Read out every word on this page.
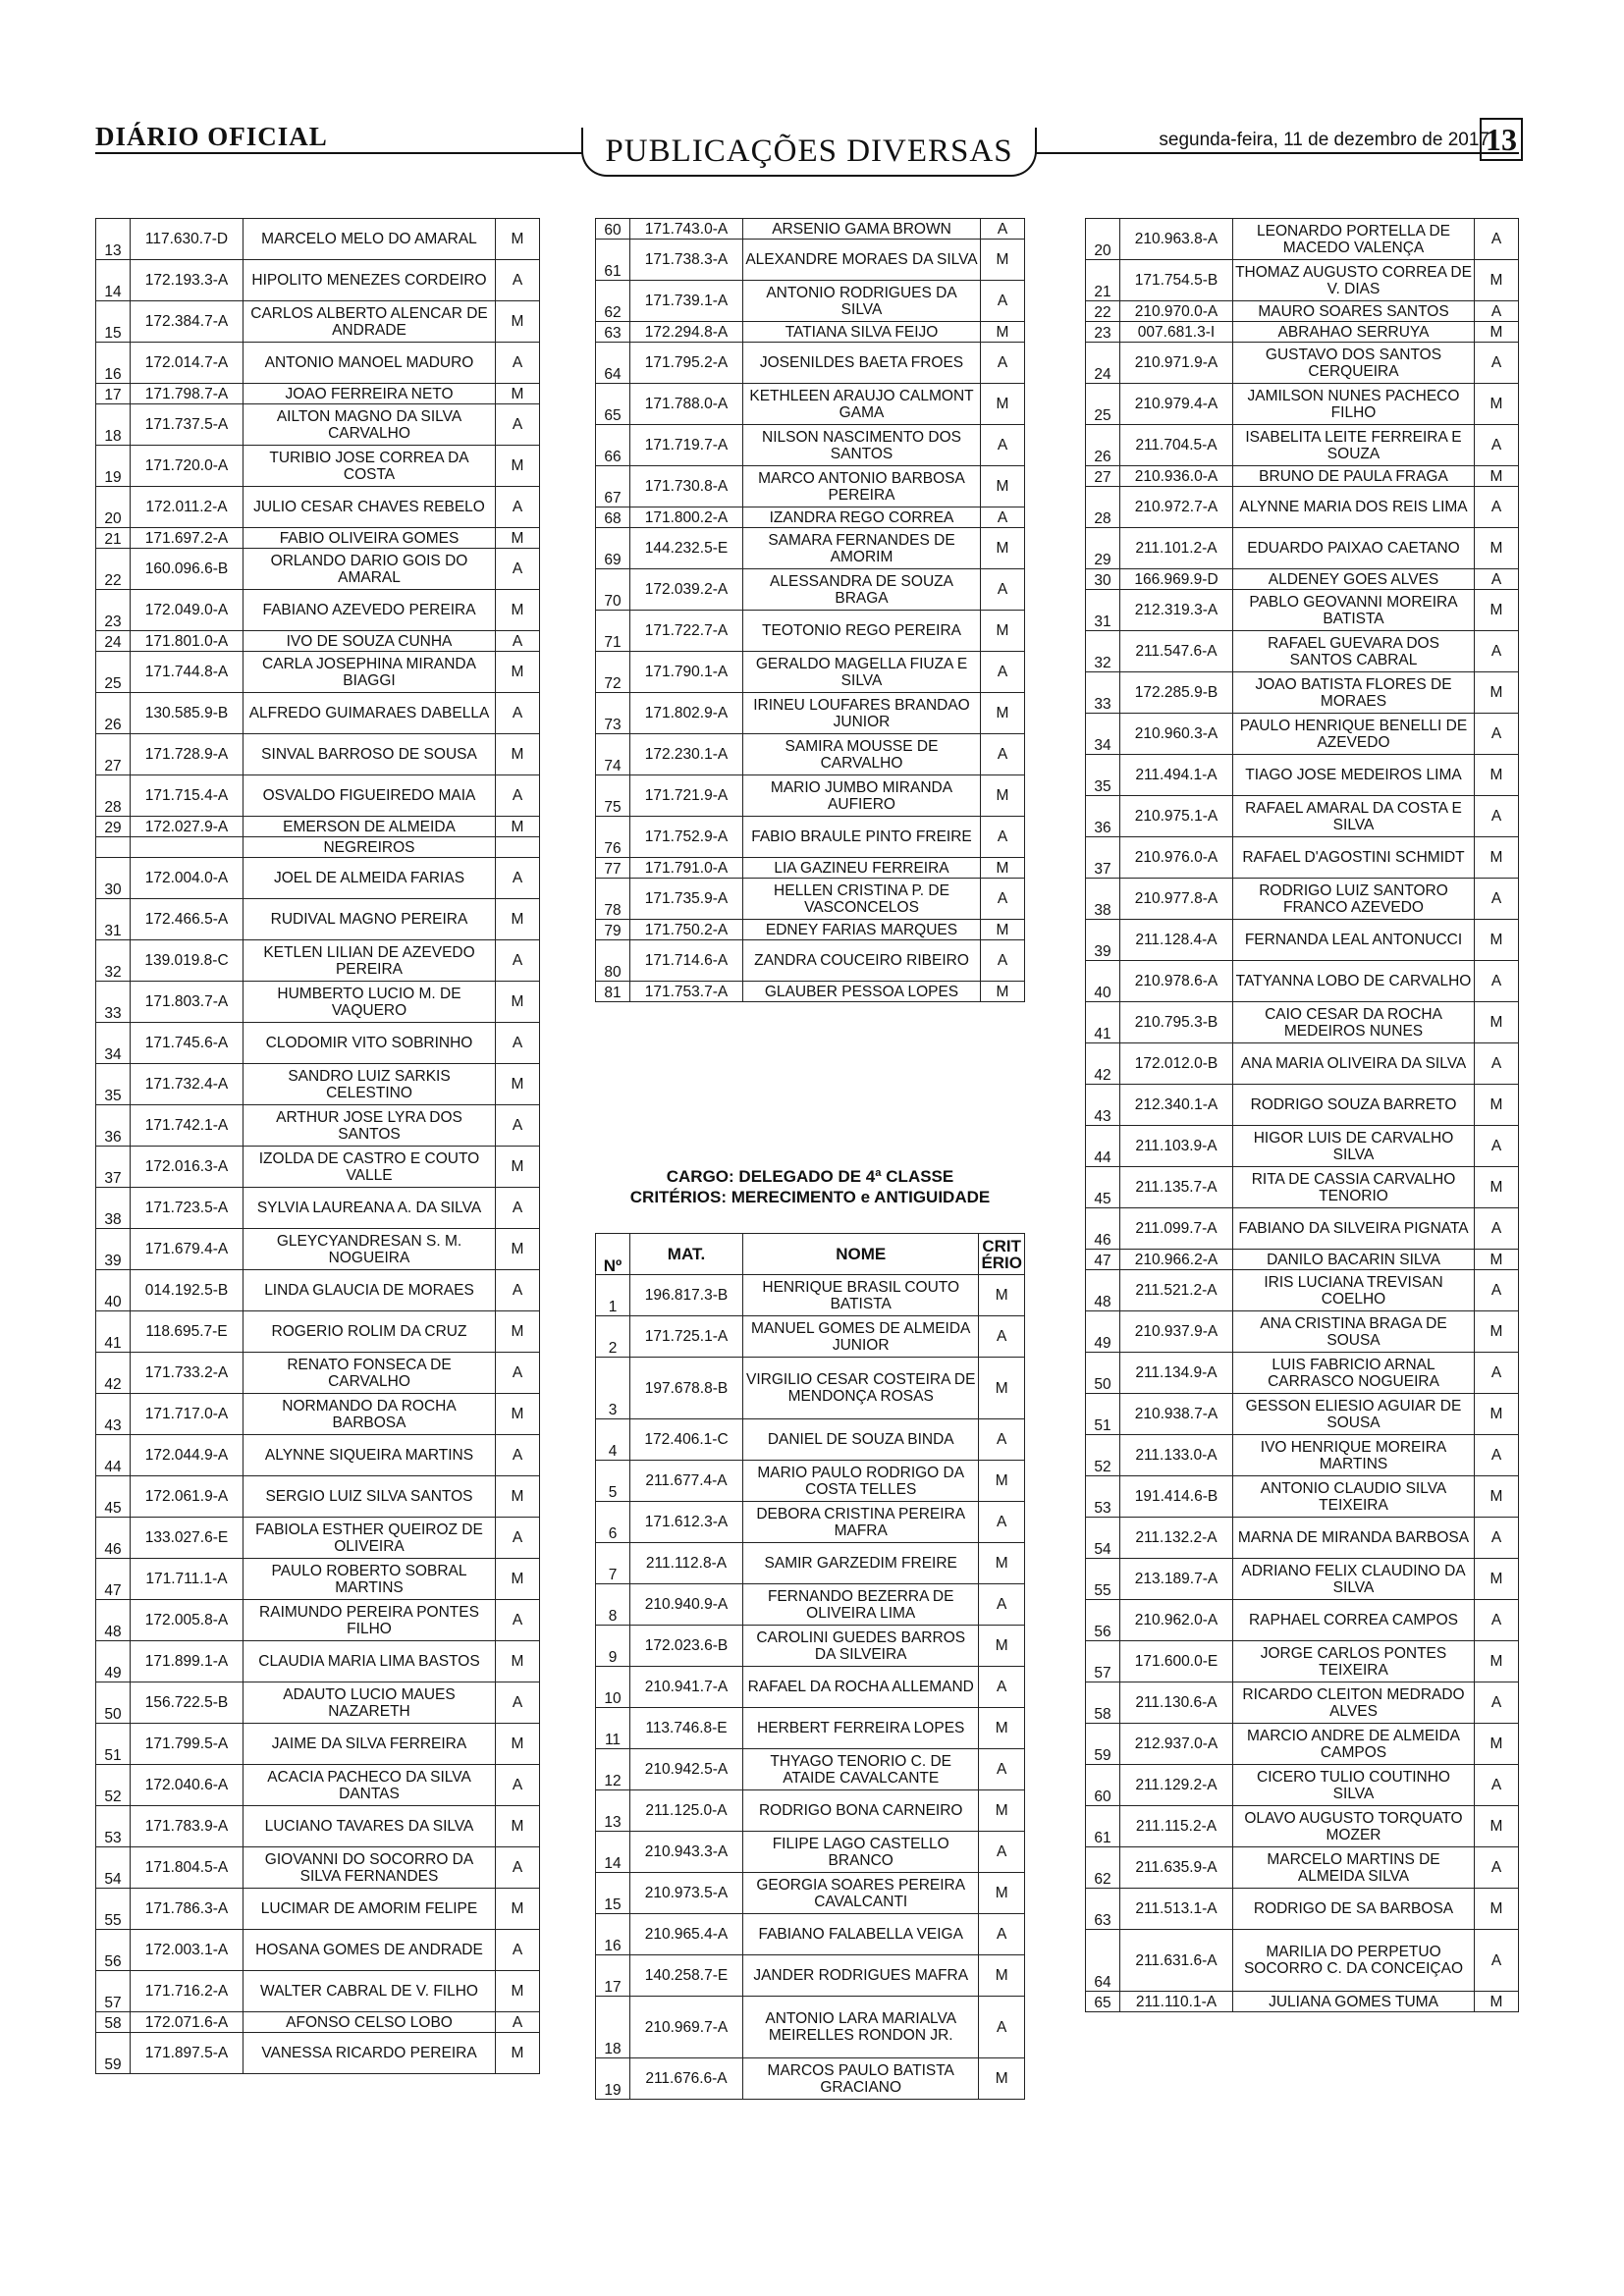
DIÁRIO OFICIAL	PUBLICAÇÕES DIVERSAS	segunda-feira, 11 de dezembro de 2017
13
13	117.630.7-D	MARCELO MELO DO AMARAL	M
14	172.193.3-A	HIPOLITO MENEZES CORDEIRO	A
15	172.384.7-A	CARLOS ALBERTO ALENCAR DE ANDRADE	M
16	172.014.7-A	ANTONIO MANOEL MADURO	A
17	171.798.7-A	JOAO FERREIRA NETO	M
18	171.737.5-A	AILTON MAGNO DA SILVA CARVALHO	A
19	171.720.0-A	TURIBIO JOSE CORREA DA COSTA	M
20	172.011.2-A	JULIO CESAR CHAVES REBELO	A
21	171.697.2-A	FABIO OLIVEIRA GOMES	M
22	160.096.6-B	ORLANDO DARIO GOIS DO AMARAL	A
23	172.049.0-A	FABIANO AZEVEDO PEREIRA	M
24	171.801.0-A	IVO DE SOUZA CUNHA	A
25	171.744.8-A	CARLA JOSEPHINA MIRANDA BIAGGI	M
26	130.585.9-B	ALFREDO GUIMARAES DABELLA	A
27	171.728.9-A	SINVAL BARROSO DE SOUSA	M
28	171.715.4-A	OSVALDO FIGUEIREDO MAIA	A
29	172.027.9-A	EMERSON DE ALMEIDA	M
		NEGREIROS	
30	172.004.0-A	JOEL DE ALMEIDA FARIAS	A
31	172.466.5-A	RUDIVAL MAGNO PEREIRA	M
32	139.019.8-C	KETLEN LILIAN DE AZEVEDO PEREIRA	A
33	171.803.7-A	HUMBERTO LUCIO M. DE VAQUERO	M
34	171.745.6-A	CLODOMIR VITO SOBRINHO	A
35	171.732.4-A	SANDRO LUIZ SARKIS CELESTINO	M
36	171.742.1-A	ARTHUR JOSE LYRA DOS SANTOS	A
37	172.016.3-A	IZOLDA DE CASTRO E COUTO VALLE	M
38	171.723.5-A	SYLVIA LAUREANA A. DA SILVA	A
39	171.679.4-A	GLEYCYANDRESAN S. M. NOGUEIRA	M
40	014.192.5-B	LINDA GLAUCIA DE MORAES	A
41	118.695.7-E	ROGERIO ROLIM DA CRUZ	M
42	171.733.2-A	RENATO FONSECA DE CARVALHO	A
43	171.717.0-A	NORMANDO DA ROCHA BARBOSA	M
44	172.044.9-A	ALYNNE SIQUEIRA MARTINS	A
45	172.061.9-A	SERGIO LUIZ SILVA SANTOS	M
46	133.027.6-E	FABIOLA ESTHER QUEIROZ DE OLIVEIRA	A
47	171.711.1-A	PAULO ROBERTO SOBRAL MARTINS	M
48	172.005.8-A	RAIMUNDO PEREIRA PONTES FILHO	A
49	171.899.1-A	CLAUDIA MARIA LIMA BASTOS	M
50	156.722.5-B	ADAUTO LUCIO MAUES NAZARETH	A
51	171.799.5-A	JAIME DA SILVA FERREIRA	M
52	172.040.6-A	ACACIA PACHECO DA SILVA DANTAS	A
53	171.783.9-A	LUCIANO TAVARES DA SILVA	M
54	171.804.5-A	GIOVANNI DO SOCORRO DA SILVA FERNANDES	A
55	171.786.3-A	LUCIMAR DE AMORIM FELIPE	M
56	172.003.1-A	HOSANA GOMES DE ANDRADE	A
57	171.716.2-A	WALTER CABRAL DE V. FILHO	M
58	172.071.6-A	AFONSO CELSO LOBO	A
59	171.897.5-A	VANESSA RICARDO PEREIRA	M
60	171.743.0-A	ARSENIO GAMA BROWN	A
61	171.738.3-A	ALEXANDRE MORAES DA SILVA	M
62	171.739.1-A	ANTONIO RODRIGUES DA SILVA	A
63	172.294.8-A	TATIANA SILVA FEIJO	M
64	171.795.2-A	JOSENILDES BAETA FROES	A
65	171.788.0-A	KETHLEEN ARAUJO CALMONT GAMA	M
66	171.719.7-A	NILSON NASCIMENTO DOS SANTOS	A
67	171.730.8-A	MARCO ANTONIO BARBOSA PEREIRA	M
68	171.800.2-A	IZANDRA REGO CORREA	A
69	144.232.5-E	SAMARA FERNANDES DE AMORIM	M
70	172.039.2-A	ALESSANDRA DE SOUZA BRAGA	A
71	171.722.7-A	TEOTONIO REGO PEREIRA	M
72	171.790.1-A	GERALDO MAGELLA FIUZA E SILVA	A
73	171.802.9-A	IRINEU LOUFARES BRANDAO JUNIOR	M
74	172.230.1-A	SAMIRA MOUSSE DE CARVALHO	A
75	171.721.9-A	MARIO JUMBO MIRANDA AUFIERO	M
76	171.752.9-A	FABIO BRAULE PINTO FREIRE	A
77	171.791.0-A	LIA GAZINEU FERREIRA	M
78	171.735.9-A	HELLEN CRISTINA P. DE VASCONCELOS	A
79	171.750.2-A	EDNEY FARIAS MARQUES	M
80	171.714.6-A	ZANDRA COUCEIRO RIBEIRO	A
81	171.753.7-A	GLAUBER PESSOA LOPES	M
CARGO: DELEGADO DE 4ª CLASSE
CRITÉRIOS: MERECIMENTO e ANTIGUIDADE
Nº	MAT.	NOME	CRIT ÉRIO
1	196.817.3-B	HENRIQUE BRASIL COUTO BATISTA	M
2	171.725.1-A	MANUEL GOMES DE ALMEIDA JUNIOR	A
3	197.678.8-B	VIRGILIO CESAR COSTEIRA DE MENDONÇA ROSAS	M
4	172.406.1-C	DANIEL DE SOUZA BINDA	A
5	211.677.4-A	MARIO PAULO RODRIGO DA COSTA TELLES	M
6	171.612.3-A	DEBORA CRISTINA PEREIRA MAFRA	A
7	211.112.8-A	SAMIR GARZEDIM FREIRE	M
8	210.940.9-A	FERNANDO BEZERRA DE OLIVEIRA LIMA	A
9	172.023.6-B	CAROLINI GUEDES BARROS DA SILVEIRA	M
10	210.941.7-A	RAFAEL DA ROCHA ALLEMAND	A
11	113.746.8-E	HERBERT FERREIRA LOPES	M
12	210.942.5-A	THYAGO TENORIO C. DE ATAIDE CAVALCANTE	A
13	211.125.0-A	RODRIGO BONA CARNEIRO	M
14	210.943.3-A	FILIPE LAGO CASTELLO BRANCO	A
15	210.973.5-A	GEORGIA SOARES PEREIRA CAVALCANTI	M
16	210.965.4-A	FABIANO FALABELLA VEIGA	A
17	140.258.7-E	JANDER RODRIGUES MAFRA	M
18	210.969.7-A	ANTONIO LARA MARIALVA MEIRELLES RONDON JR.	A
19	211.676.6-A	MARCOS PAULO BATISTA GRACIANO	M
20	210.963.8-A	LEONARDO PORTELLA DE MACEDO VALENÇA	A
21	171.754.5-B	THOMAZ AUGUSTO CORREA DE V. DIAS	M
22	210.970.0-A	MAURO SOARES SANTOS	A
23	007.681.3-I	ABRAHAO SERRUYA	M
24	210.971.9-A	GUSTAVO DOS SANTOS CERQUEIRA	A
25	210.979.4-A	JAMILSON NUNES PACHECO FILHO	M
26	211.704.5-A	ISABELITA LEITE FERREIRA E SOUZA	A
27	210.936.0-A	BRUNO DE PAULA FRAGA	M
28	210.972.7-A	ALYNNE MARIA DOS REIS LIMA	A
29	211.101.2-A	EDUARDO PAIXAO CAETANO	M
30	166.969.9-D	ALDENEY GOES ALVES	A
31	212.319.3-A	PABLO GEOVANNI MOREIRA BATISTA	M
32	211.547.6-A	RAFAEL GUEVARA DOS SANTOS CABRAL	A
33	172.285.9-B	JOAO BATISTA FLORES DE MORAES	M
34	210.960.3-A	PAULO HENRIQUE BENELLI DE AZEVEDO	A
35	211.494.1-A	TIAGO JOSE MEDEIROS LIMA	M
36	210.975.1-A	RAFAEL AMARAL DA COSTA E SILVA	A
37	210.976.0-A	RAFAEL D'AGOSTINI SCHMIDT	M
38	210.977.8-A	RODRIGO LUIZ SANTORO FRANCO AZEVEDO	A
39	211.128.4-A	FERNANDA LEAL ANTONUCCI	M
40	210.978.6-A	TATYANNA LOBO DE CARVALHO	A
41	210.795.3-B	CAIO CESAR DA ROCHA MEDEIROS NUNES	M
42	172.012.0-B	ANA MARIA OLIVEIRA DA SILVA	A
43	212.340.1-A	RODRIGO SOUZA BARRETO	M
44	211.103.9-A	HIGOR LUIS DE CARVALHO SILVA	A
45	211.135.7-A	RITA DE CASSIA CARVALHO TENORIO	M
46	211.099.7-A	FABIANO DA SILVEIRA PIGNATA	A
47	210.966.2-A	DANILO BACARIN SILVA	M
48	211.521.2-A	IRIS LUCIANA TREVISAN COELHO	A
49	210.937.9-A	ANA CRISTINA BRAGA DE SOUSA	M
50	211.134.9-A	LUIS FABRICIO ARNAL CARRASCO NOGUEIRA	A
51	210.938.7-A	GESSON ELIESIO AGUIAR DE SOUSA	M
52	211.133.0-A	IVO HENRIQUE MOREIRA MARTINS	A
53	191.414.6-B	ANTONIO CLAUDIO SILVA TEIXEIRA	M
54	211.132.2-A	MARNA DE MIRANDA BARBOSA	A
55	213.189.7-A	ADRIANO FELIX CLAUDINO DA SILVA	M
56	210.962.0-A	RAPHAEL CORREA CAMPOS	A
57	171.600.0-E	JORGE CARLOS PONTES TEIXEIRA	M
58	211.130.6-A	RICARDO CLEITON MEDRADO ALVES	A
59	212.937.0-A	MARCIO ANDRE DE ALMEIDA CAMPOS	M
60	211.129.2-A	CICERO TULIO COUTINHO SILVA	A
61	211.115.2-A	OLAVO AUGUSTO TORQUATO MOZER	M
62	211.635.9-A	MARCELO MARTINS DE ALMEIDA SILVA	A
63	211.513.1-A	RODRIGO DE SA BARBOSA	M
64	211.631.6-A	MARILIA DO PERPETUO SOCORRO C. DA CONCEIÇAO	A
65	211.110.1-A	JULIANA GOMES TUMA	M
